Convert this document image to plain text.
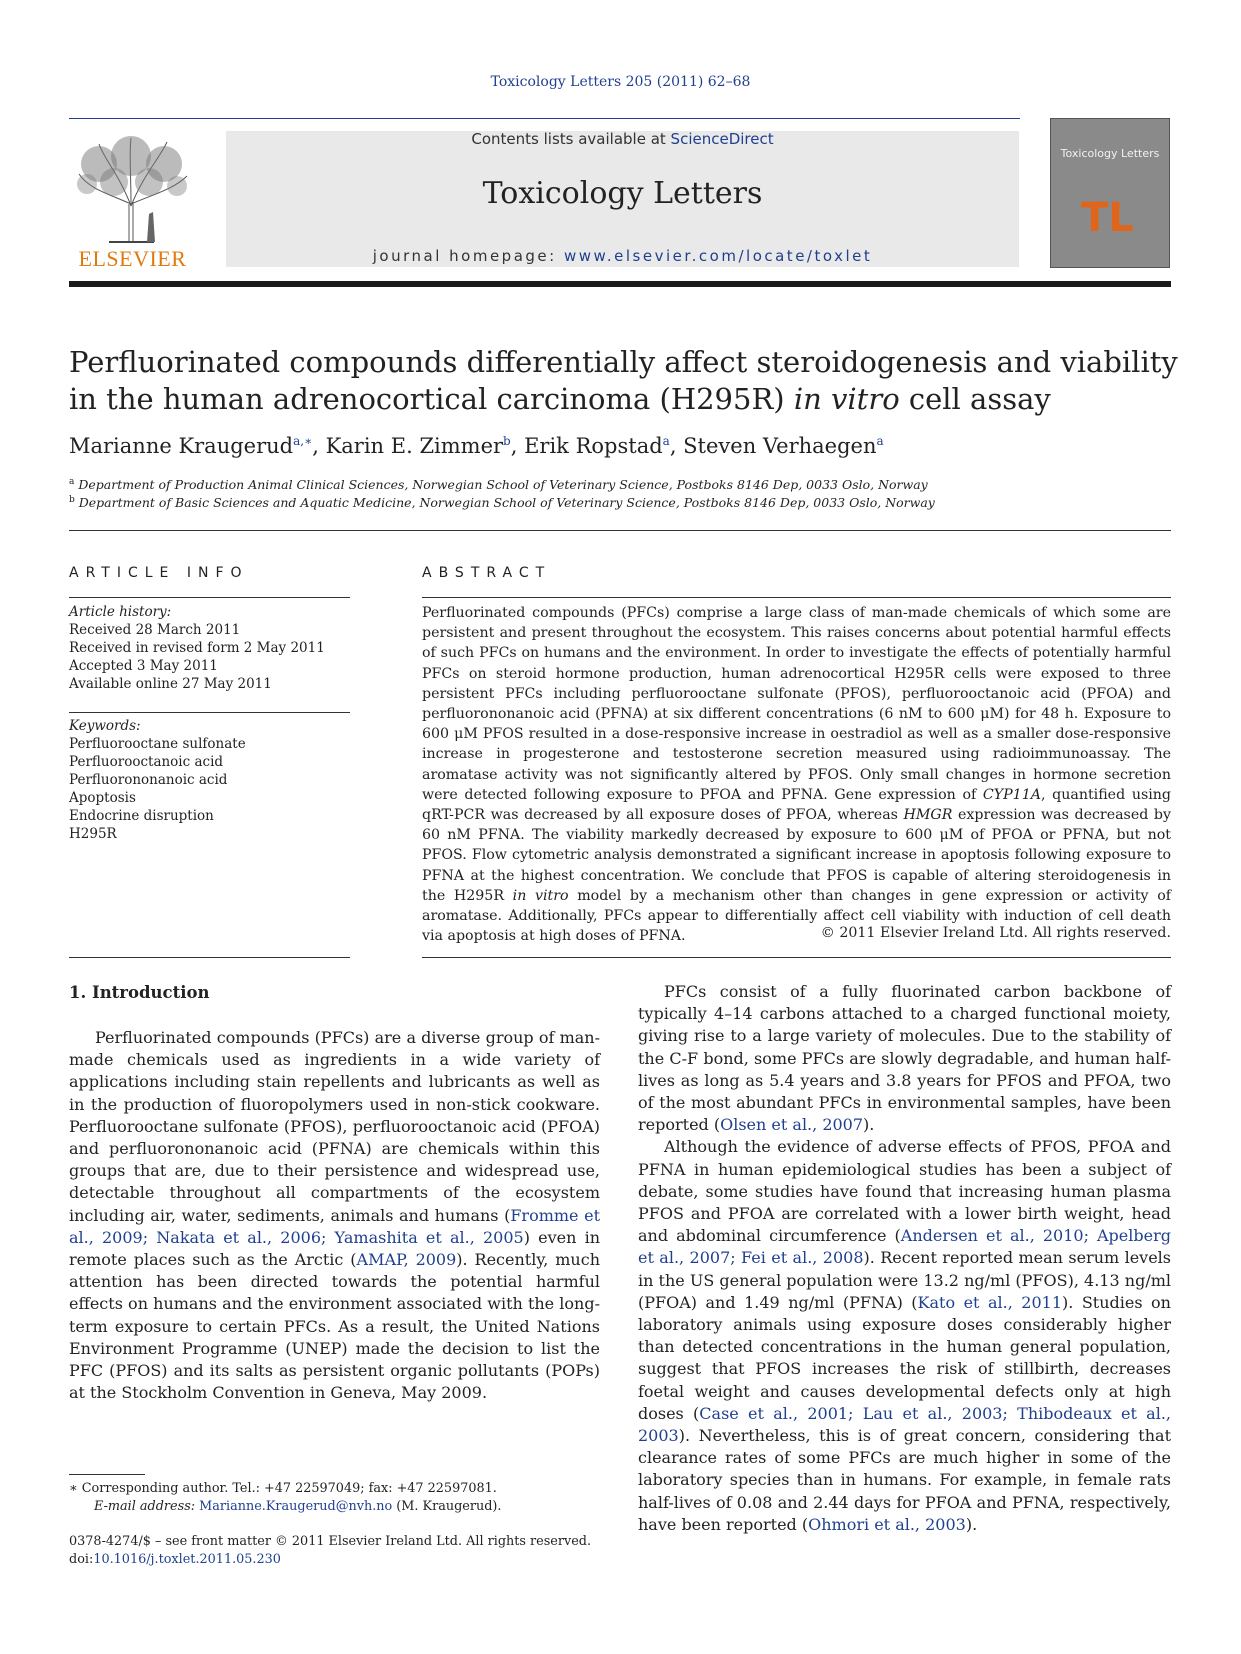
Toxicology Letters 205 (2011) 62–68
ELSEVIER
Contents lists available at ScienceDirect
Toxicology Letters
journal homepage: www.elsevier.com/locate/toxlet
Toxicology Letters
TL
Perfluorinated compounds differentially affect steroidogenesis and viability in the human adrenocortical carcinoma (H295R) in vitro cell assay
Marianne Kraugerud$^{a,∗}$, Karin E. Zimmer$^b$, Erik Ropstad$^a$, Steven Verhaegen$^a$
$^a$ Department of Production Animal Clinical Sciences, Norwegian School of Veterinary Science, Postboks 8146 Dep, 0033 Oslo, Norway
$^b$ Department of Basic Sciences and Aquatic Medicine, Norwegian School of Veterinary Science, Postboks 8146 Dep, 0033 Oslo, Norway
ARTICLE INFO
Article history:
Received 28 March 2011
Received in revised form 2 May 2011
Accepted 3 May 2011
Available online 27 May 2011
Keywords:
Perfluorooctane sulfonate
Perfluorooctanoic acid
Perfluorononanoic acid
Apoptosis
Endocrine disruption
H295R
ABSTRACT
Perfluorinated compounds (PFCs) comprise a large class of man-made chemicals of which some are persistent and present throughout the ecosystem. This raises concerns about potential harmful effects of such PFCs on humans and the environment. In order to investigate the effects of potentially harmful PFCs on steroid hormone production, human adrenocortical H295R cells were exposed to three persistent PFCs including perfluorooctane sulfonate (PFOS), perfluorooctanoic acid (PFOA) and perfluorononanoic acid (PFNA) at six different concentrations (6 nM to 600 μM) for 48 h. Exposure to 600 μM PFOS resulted in a dose-responsive increase in oestradiol as well as a smaller dose-responsive increase in progesterone and testosterone secretion measured using radioimmunoassay. The aromatase activity was not significantly altered by PFOS. Only small changes in hormone secretion were detected following exposure to PFOA and PFNA. Gene expression of CYP11A, quantified using qRT-PCR was decreased by all exposure doses of PFOA, whereas HMGR expression was decreased by 60 nM PFNA. The viability markedly decreased by exposure to 600 μM of PFOA or PFNA, but not PFOS. Flow cytometric analysis demonstrated a significant increase in apoptosis following exposure to PFNA at the highest concentration. We conclude that PFOS is capable of altering steroidogenesis in the H295R in vitro model by a mechanism other than changes in gene expression or activity of aromatase. Additionally, PFCs appear to differentially affect cell viability with induction of cell death via apoptosis at high doses of PFNA.	© 2011 Elsevier Ireland Ltd. All rights reserved.
1. Introduction

Perfluorinated compounds (PFCs) are a diverse group of man-made chemicals used as ingredients in a wide variety of applications including stain repellents and lubricants as well as in the production of fluoropolymers used in non-stick cookware. Perfluorooctane sulfonate (PFOS), perfluorooctanoic acid (PFOA) and perfluorononanoic acid (PFNA) are chemicals within this groups that are, due to their persistence and widespread use, detectable throughout all compartments of the ecosystem including air, water, sediments, animals and humans (Fromme et al., 2009; Nakata et al., 2006; Yamashita et al., 2005) even in remote places such as the Arctic (AMAP, 2009). Recently, much attention has been directed towards the potential harmful effects on humans and the environment associated with the long-term exposure to certain PFCs. As a result, the United Nations Environment Programme (UNEP) made the decision to list the PFC (PFOS) and its salts as persistent organic pollutants (POPs) at the Stockholm Convention in Geneva, May 2009.

PFCs consist of a fully fluorinated carbon backbone of typically 4–14 carbons attached to a charged functional moiety, giving rise to a large variety of molecules. Due to the stability of the C-F bond, some PFCs are slowly degradable, and human half-lives as long as 5.4 years and 3.8 years for PFOS and PFOA, two of the most abundant PFCs in environmental samples, have been reported (Olsen et al., 2007).

Although the evidence of adverse effects of PFOS, PFOA and PFNA in human epidemiological studies has been a subject of debate, some studies have found that increasing human plasma PFOS and PFOA are correlated with a lower birth weight, head and abdominal circumference (Andersen et al., 2010; Apelberg et al., 2007; Fei et al., 2008). Recent reported mean serum levels in the US general population were 13.2 ng/ml (PFOS), 4.13 ng/ml (PFOA) and 1.49 ng/ml (PFNA) (Kato et al., 2011). Studies on laboratory animals using exposure doses considerably higher than detected concentrations in the human general population, suggest that PFOS increases the risk of stillbirth, decreases foetal weight and causes developmental defects only at high doses (Case et al., 2001; Lau et al., 2003; Thibodeaux et al., 2003). Nevertheless, this is of great concern, considering that clearance rates of some PFCs are much higher in some of the laboratory species than in humans. For example, in female rats half-lives of 0.08 and 2.44 days for PFOA and PFNA, respectively, have been reported (Ohmori et al., 2003).

∗ Corresponding author. Tel.: +47 22597049; fax: +47 22597081.
E-mail address: Marianne.Kraugerud@nvh.no (M. Kraugerud).
0378-4274/$ – see front matter © 2011 Elsevier Ireland Ltd. All rights reserved.
doi:10.1016/j.toxlet.2011.05.230
